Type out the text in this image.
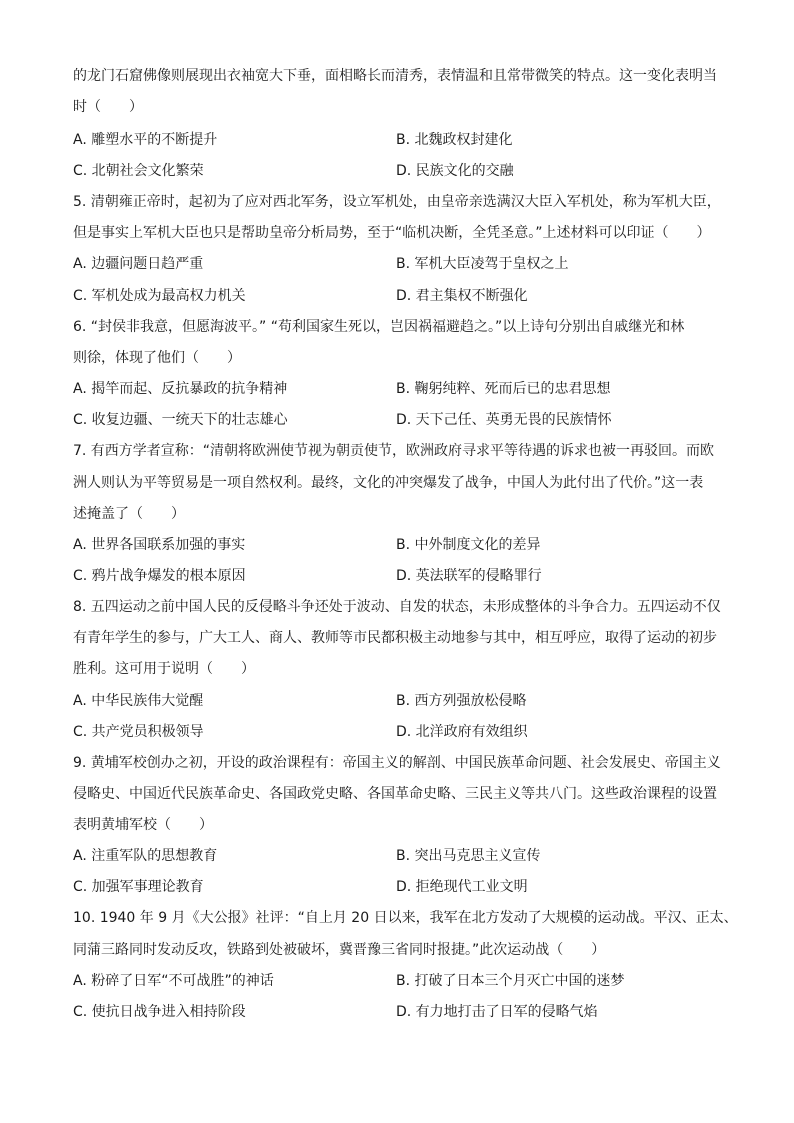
的龙门石窟佛像则展现出衣袖宽大下垂，面相略长而清秀，表情温和且常带微笑的特点。这一变化表明当
时（　　）
A. 雕塑水平的不断提升	B. 北魏政权封建化
C. 北朝社会文化繁荣	D. 民族文化的交融
5. 清朝雍正帝时，起初为了应对西北军务，设立军机处，由皇帝亲选满汉大臣入军机处，称为军机大臣，
但是事实上军机大臣也只是帮助皇帝分析局势，至于“临机决断，全凭圣意。”上述材料可以印证（　　）
A. 边疆问题日趋严重	B. 军机大臣凌驾于皇权之上
C. 军机处成为最高权力机关	D. 君主集权不断强化
6. “封侯非我意，但愿海波平。” “苟利国家生死以，岂因祸福避趋之。”以上诗句分别出自戚继光和林
则徐，体现了他们（　　）
A. 揭竿而起、反抗暴政的抗争精神	B. 鞠躬纯粹、死而后已的忠君思想
C. 收复边疆、一统天下的壮志雄心	D. 天下己任、英勇无畏的民族情怀
7. 有西方学者宣称：“清朝将欧洲使节视为朝贡使节，欧洲政府寻求平等待遇的诉求也被一再驳回。而欧
洲人则认为平等贸易是一项自然权利。最终，文化的冲突爆发了战争，中国人为此付出了代价。”这一表
述掩盖了（　　）
A. 世界各国联系加强的事实	B. 中外制度文化的差异
C. 鸦片战争爆发的根本原因	D. 英法联军的侵略罪行
8. 五四运动之前中国人民的反侵略斗争还处于波动、自发的状态，未形成整体的斗争合力。五四运动不仅
有青年学生的参与，广大工人、商人、教师等市民都积极主动地参与其中，相互呼应，取得了运动的初步
胜利。这可用于说明（　　）
A. 中华民族伟大觉醒	B. 西方列强放松侵略
C. 共产党员积极领导	D. 北洋政府有效组织
9. 黄埔军校创办之初，开设的政治课程有：帝国主义的解剖、中国民族革命问题、社会发展史、帝国主义
侵略史、中国近代民族革命史、各国政党史略、各国革命史略、三民主义等共八门。这些政治课程的设置
表明黄埔军校（　　）
A. 注重军队的思想教育	B. 突出马克思主义宣传
C. 加强军事理论教育	D. 拒绝现代工业文明
10. 1940 年 9 月《大公报》社评：“自上月 20 日以来，我军在北方发动了大规模的运动战。平汉、正太、
同蒲三路同时发动反攻，铁路到处被破坏，冀晋豫三省同时报捷。”此次运动战（　　）
A. 粉碎了日军“不可战胜”的神话	B. 打破了日本三个月灭亡中国的迷梦
C. 使抗日战争进入相持阶段	D. 有力地打击了日军的侵略气焰
